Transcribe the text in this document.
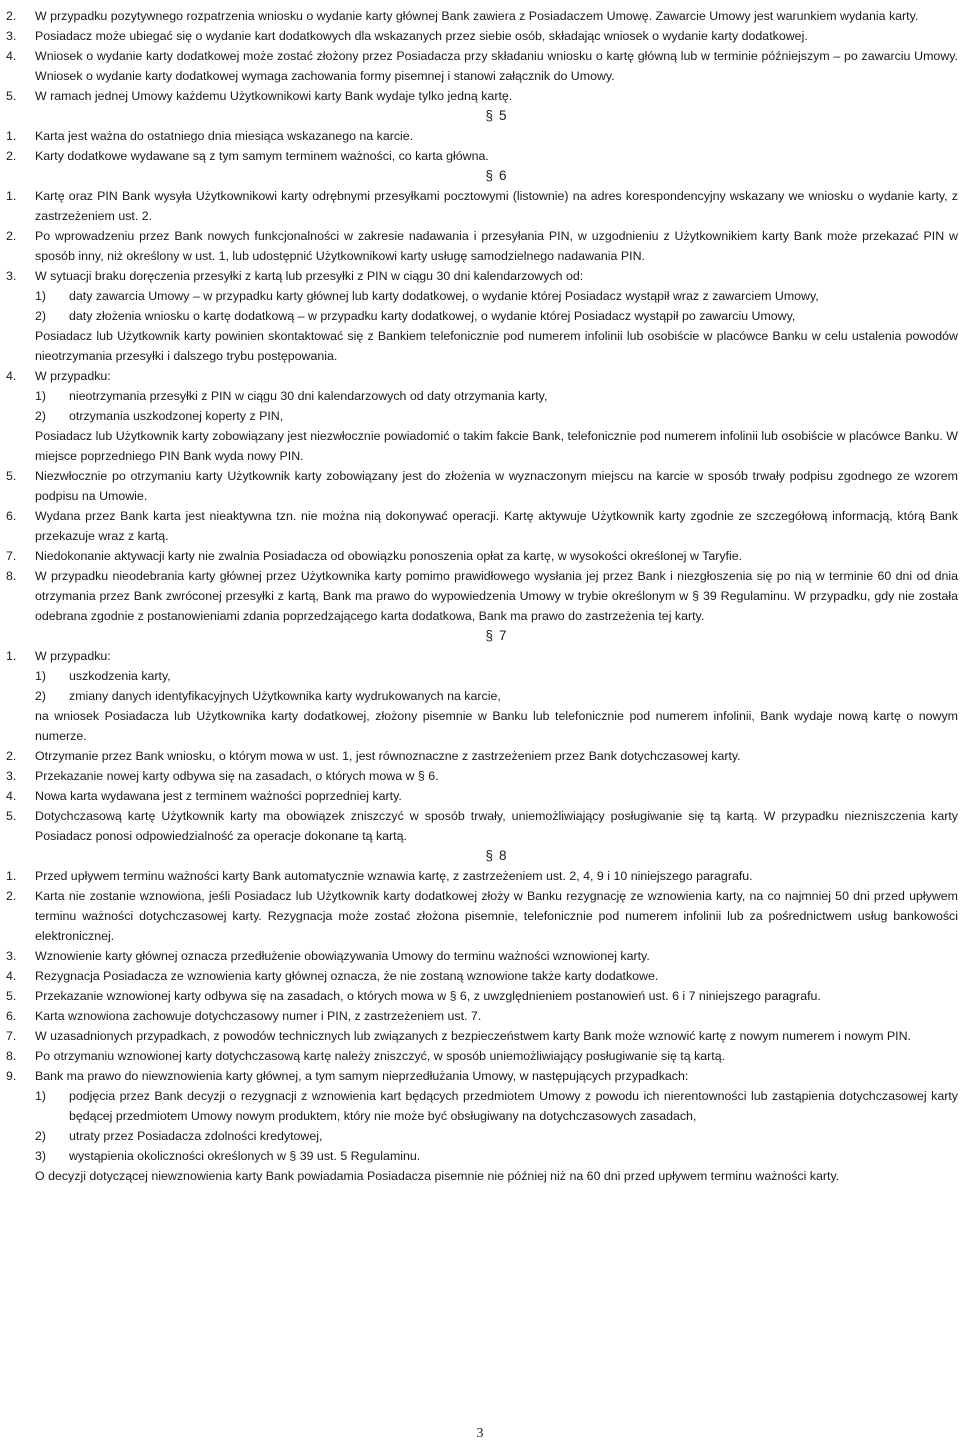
2.	W przypadku pozytywnego rozpatrzenia wniosku o wydanie karty głównej Bank zawiera z Posiadaczem Umowę. Zawarcie Umowy jest warunkiem wydania karty.
3.	Posiadacz może ubiegać się o wydanie kart dodatkowych dla wskazanych przez siebie osób, składając wniosek o wydanie karty dodatkowej.
4.	Wniosek o wydanie karty dodatkowej może zostać złożony przez Posiadacza przy składaniu wniosku o kartę główną lub w terminie późniejszym – po zawarciu Umowy. Wniosek o wydanie karty dodatkowej wymaga zachowania formy pisemnej i stanowi załącznik do Umowy.
5.	W ramach jednej Umowy każdemu Użytkownikowi karty Bank wydaje tylko jedną kartę.
§ 5
1.	Karta jest ważna do ostatniego dnia miesiąca wskazanego na karcie.
2.	Karty dodatkowe wydawane są z tym samym terminem ważności, co karta główna.
§ 6
1.	Kartę oraz PIN Bank wysyła Użytkownikowi karty odrębnymi przesyłkami pocztowymi (listownie) na adres korespondencyjny wskazany we wniosku o wydanie karty, z zastrzeżeniem ust. 2.
2.	Po wprowadzeniu przez Bank nowych funkcjonalności w zakresie nadawania i przesyłania PIN, w uzgodnieniu z Użytkownikiem karty Bank może przekazać PIN w sposób inny, niż określony w ust. 1, lub udostępnić Użytkownikowi karty usługę samodzielnego nadawania PIN.
3.	W sytuacji braku doręczenia przesyłki z kartą lub przesyłki z PIN w ciągu 30 dni kalendarzowych od:
1)	daty zawarcia Umowy – w przypadku karty głównej lub karty dodatkowej, o wydanie której Posiadacz wystąpił wraz z zawarciem Umowy,
2)	daty złożenia wniosku o kartę dodatkową – w przypadku karty dodatkowej, o wydanie której Posiadacz wystąpił po zawarciu Umowy,
Posiadacz lub Użytkownik karty powinien skontaktować się z Bankiem telefonicznie pod numerem infolinii lub osobiście w placówce Banku w celu ustalenia powodów nieotrzymania przesyłki i dalszego trybu postępowania.
4.	W przypadku:
1)	nieotrzymania przesyłki z PIN w ciągu 30 dni kalendarzowych od daty otrzymania karty,
2)	otrzymania uszkodzonej koperty z PIN,
Posiadacz lub Użytkownik karty zobowiązany jest niezwłocznie powiadomić o takim fakcie Bank, telefonicznie pod numerem infolinii lub osobiście w placówce Banku. W miejsce poprzedniego PIN Bank wyda nowy PIN.
5.	Niezwłocznie po otrzymaniu karty Użytkownik karty zobowiązany jest do złożenia w wyznaczonym miejscu na karcie w sposób trwały podpisu zgodnego ze wzorem podpisu na Umowie.
6.	Wydana przez Bank karta jest nieaktywna tzn. nie można nią dokonywać operacji. Kartę aktywuje Użytkownik karty zgodnie ze szczegółową informacją, którą Bank przekazuje wraz z kartą.
7.	Niedokonanie aktywacji karty nie zwalnia Posiadacza od obowiązku ponoszenia opłat za kartę, w wysokości określonej w Taryfie.
8.	W przypadku nieodebrania karty głównej przez Użytkownika karty pomimo prawidłowego wysłania jej przez Bank i niezgłoszenia się po nią w terminie 60 dni od dnia otrzymania przez Bank zwróconej przesyłki z kartą, Bank ma prawo do wypowiedzenia Umowy w trybie określonym w § 39 Regulaminu. W przypadku, gdy nie została odebrana zgodnie z postanowieniami zdania poprzedzającego karta dodatkowa, Bank ma prawo do zastrzeżenia tej karty.
§ 7
1.	W przypadku:
1)	uszkodzenia karty,
2)	zmiany danych identyfikacyjnych Użytkownika karty wydrukowanych na karcie,
na wniosek Posiadacza lub Użytkownika karty dodatkowej, złożony pisemnie w Banku lub telefonicznie pod numerem infolinii, Bank wydaje nową kartę o nowym numerze.
2.	Otrzymanie przez Bank wniosku, o którym mowa w ust. 1, jest równoznaczne z zastrzeżeniem przez Bank dotychczasowej karty.
3.	Przekazanie nowej karty odbywa się na zasadach, o których mowa w § 6.
4.	Nowa karta wydawana jest z terminem ważności poprzedniej karty.
5.	Dotychczasową kartę Użytkownik karty ma obowiązek zniszczyć w sposób trwały, uniemożliwiający posługiwanie się tą kartą. W przypadku niezniszczenia karty Posiadacz ponosi odpowiedzialność za operacje dokonane tą kartą.
§ 8
1.	Przed upływem terminu ważności karty Bank automatycznie wznawia kartę, z zastrzeżeniem ust. 2, 4, 9 i 10 niniejszego paragrafu.
2.	Karta nie zostanie wznowiona, jeśli Posiadacz lub Użytkownik karty dodatkowej złoży w Banku rezygnację ze wznowienia karty, na co najmniej 50 dni przed upływem terminu ważności dotychczasowej karty. Rezygnacja może zostać złożona pisemnie, telefonicznie pod numerem infolinii lub za pośrednictwem usług bankowości elektronicznej.
3.	Wznowienie karty głównej oznacza przedłużenie obowiązywania Umowy do terminu ważności wznowionej karty.
4.	Rezygnacja Posiadacza ze wznowienia karty głównej oznacza, że nie zostaną wznowione także karty dodatkowe.
5.	Przekazanie wznowionej karty odbywa się na zasadach, o których mowa w § 6, z uwzględnieniem postanowień ust. 6 i 7 niniejszego paragrafu.
6.	Karta wznowiona zachowuje dotychczasowy numer i PIN, z zastrzeżeniem ust. 7.
7.	W uzasadnionych przypadkach, z powodów technicznych lub związanych z bezpieczeństwem karty Bank może wznowić kartę z nowym numerem i nowym PIN.
8.	Po otrzymaniu wznowionej karty dotychczasową kartę należy zniszczyć, w sposób uniemożliwiający posługiwanie się tą kartą.
9.	Bank ma prawo do niewznowienia karty głównej, a tym samym nieprzedłużania Umowy, w następujących przypadkach:
1)	podjęcia przez Bank decyzji o rezygnacji z wznowienia kart będących przedmiotem Umowy z powodu ich nierentowności lub zastąpienia dotychczasowej karty będącej przedmiotem Umowy nowym produktem, który nie może być obsługiwany na dotychczasowych zasadach,
2)	utraty przez Posiadacza zdolności kredytowej,
3)	wystąpienia okoliczności określonych w § 39 ust. 5 Regulaminu.
O decyzji dotyczącej niewznowienia karty Bank powiadamia Posiadacza pisemnie nie później niż na 60 dni przed upływem terminu ważności karty.
3
